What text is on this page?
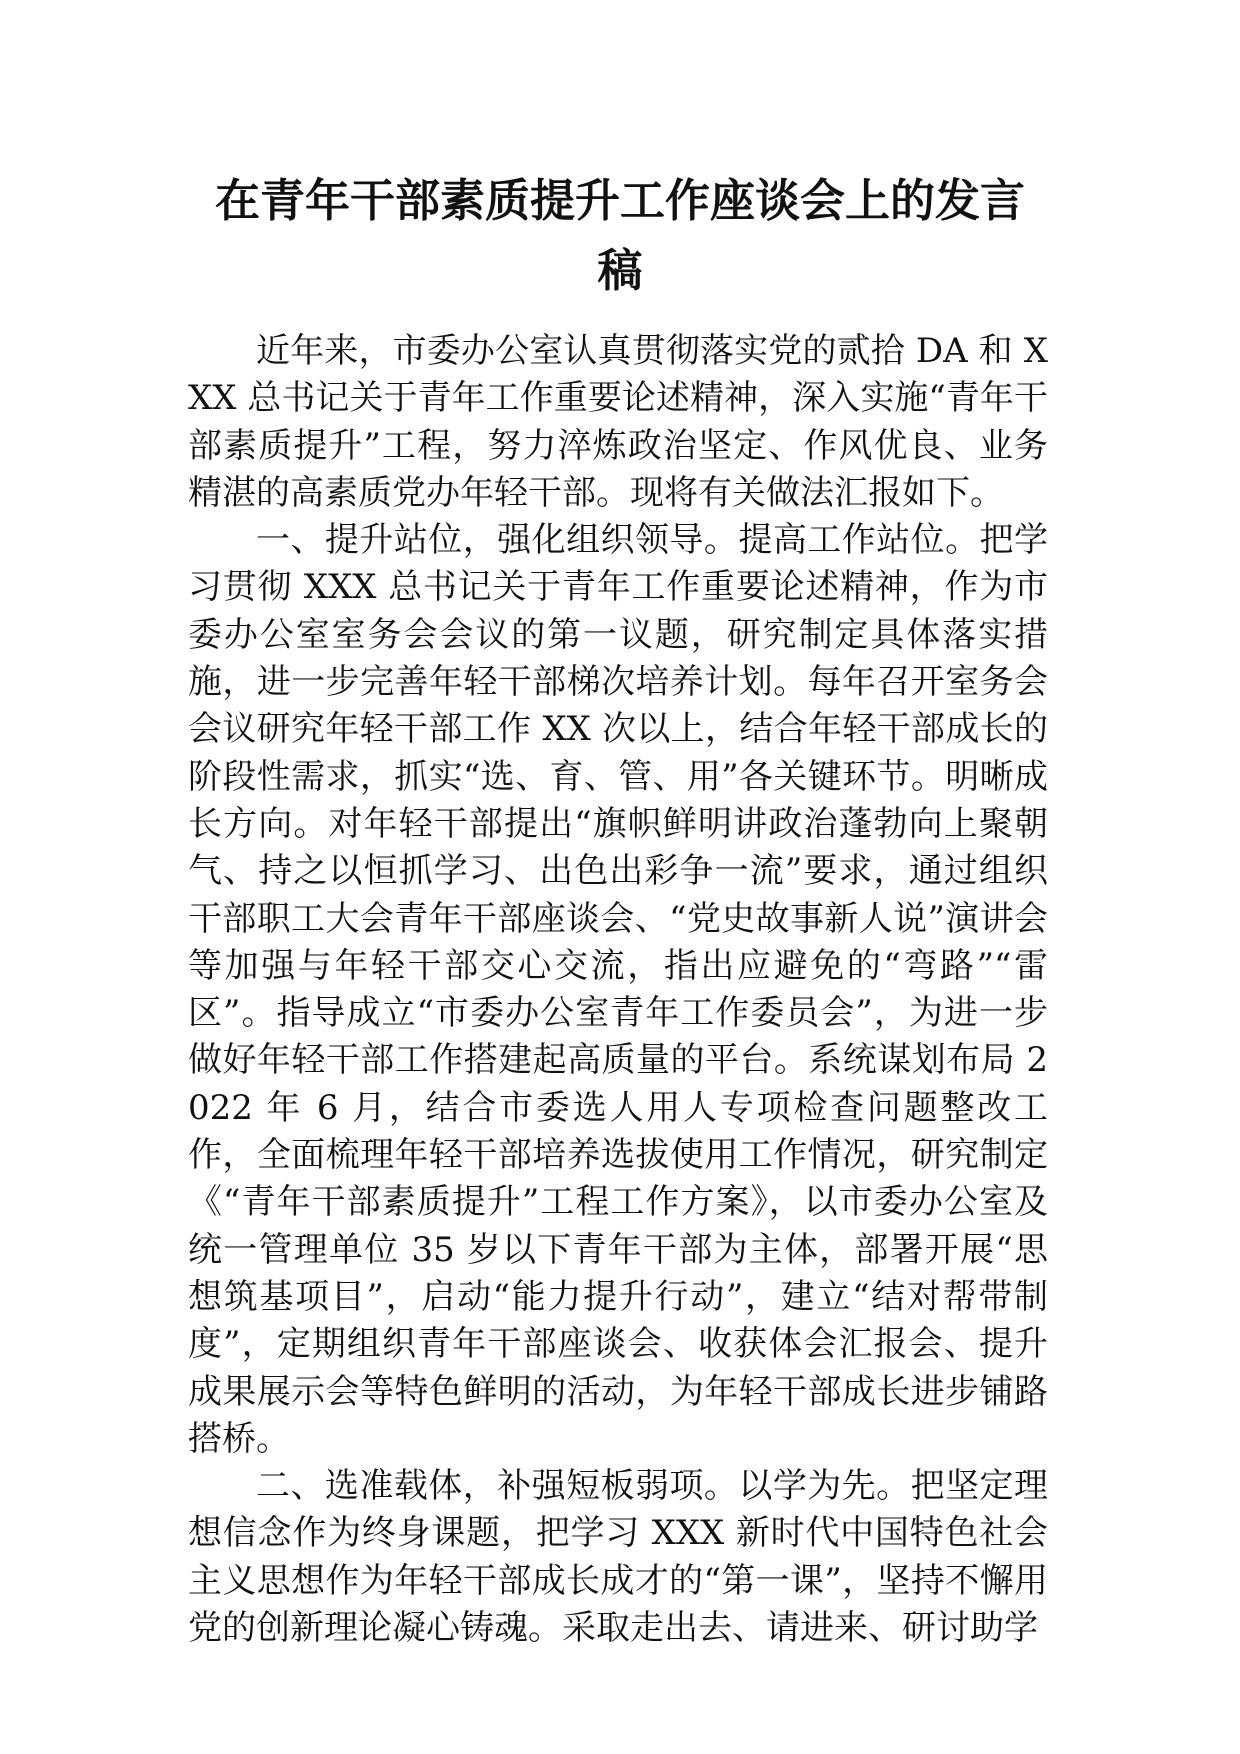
在青年干部素质提升工作座谈会上的发言
稿

近年来，市委办公室认真贯彻落实党的贰拾 DA 和 XXX 总书记关于青年工作重要论述精神，深入实施“青年干部素质提升”工程，努力淬炼政治坚定、作风优良、业务精湛的高素质党办年轻干部。现将有关做法汇报如下。

一、提升站位，强化组织领导。提高工作站位。把学习贯彻 XXX 总书记关于青年工作重要论述精神，作为市委办公室室务会会议的第一议题，研究制定具体落实措施，进一步完善年轻干部梯次培养计划。每年召开室务会会议研究年轻干部工作 XX 次以上，结合年轻干部成长的阶段性需求，抓实“选、育、管、用”各关键环节。明晰成长方向。对年轻干部提出“旗帜鲜明讲政治蓬勃向上聚朝气、持之以恒抓学习、出色出彩争一流”要求，通过组织干部职工大会青年干部座谈会、“党史故事新人说”演讲会等加强与年轻干部交心交流，指出应避免的“弯路”“雷区”。指导成立“市委办公室青年工作委员会”，为进一步做好年轻干部工作搭建起高质量的平台。系统谋划布局 2022 年 6 月，结合市委选人用人专项检查问题整改工作，全面梳理年轻干部培养选拔使用工作情况，研究制定《“青年干部素质提升”工程工作方案》，以市委办公室及统一管理单位 35 岁以下青年干部为主体，部署开展“思想筑基项目”，启动“能力提升行动”，建立“结对帮带制度”，定期组织青年干部座谈会、收获体会汇报会、提升成果展示会等特色鲜明的活动，为年轻干部成长进步铺路搭桥。

二、选准载体，补强短板弱项。以学为先。把坚定理想信念作为终身课题，把学习 XXX 新时代中国特色社会主义思想作为年轻干部成长成才的“第一课”，坚持不懈用党的创新理论凝心铸魂。采取走出去、请进来、研讨助学
